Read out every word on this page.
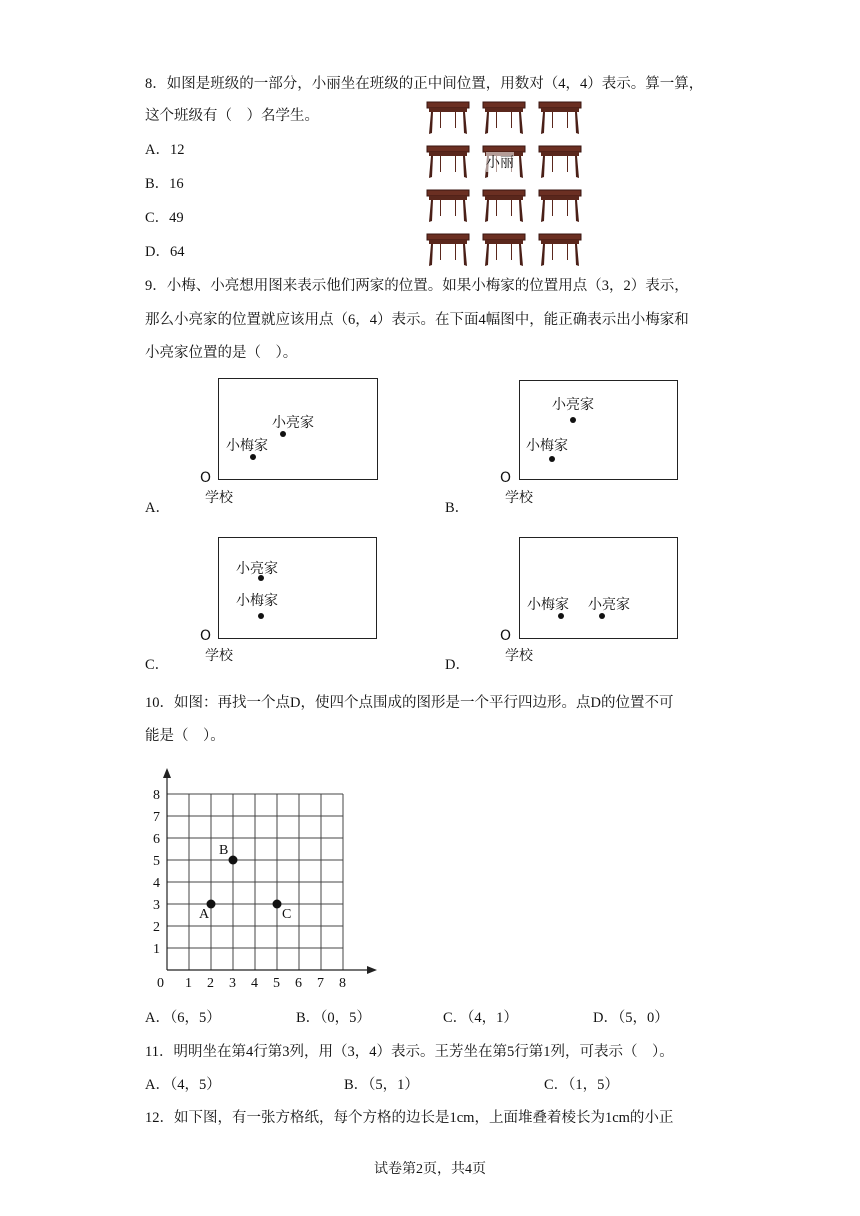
8．如图是班级的一部分，小丽坐在班级的正中间位置，用数对（4，4）表示。算一算，
这个班级有（　）名学生。
A．12
B．16
C．49
D．64
小丽
9．小梅、小亮想用图来表示他们两家的位置。如果小梅家的位置用点（3，2）表示，
那么小亮家的位置就应该用点（6，4）表示。在下面4幅图中，能正确表示出小梅家和
小亮家位置的是（　）。
O
学校
小梅家
小亮家
A．
O
学校
小梅家
小亮家
B．
O
学校
小梅家
小亮家
C．
O
学校
小梅家 小亮家
D．
10．如图：再找一个点D，使四个点围成的图形是一个平行四边形。点D的位置不可
能是（　）。
0 1 2 3 4 5 6 7 8
1
2
3
4
5
6
7
8
A
B
C
A．（6，5）	B．（0，5）	C．（4，1）	D．（5，0）
11．明明坐在第4行第3列，用（3，4）表示。王芳坐在第5行第1列，可表示（　）。
A．（4，5）	B．（5，1）	C．（1，5）
12．如下图，有一张方格纸，每个方格的边长是1cm，上面堆叠着棱长为1cm的小正
试卷第2页，共4页
